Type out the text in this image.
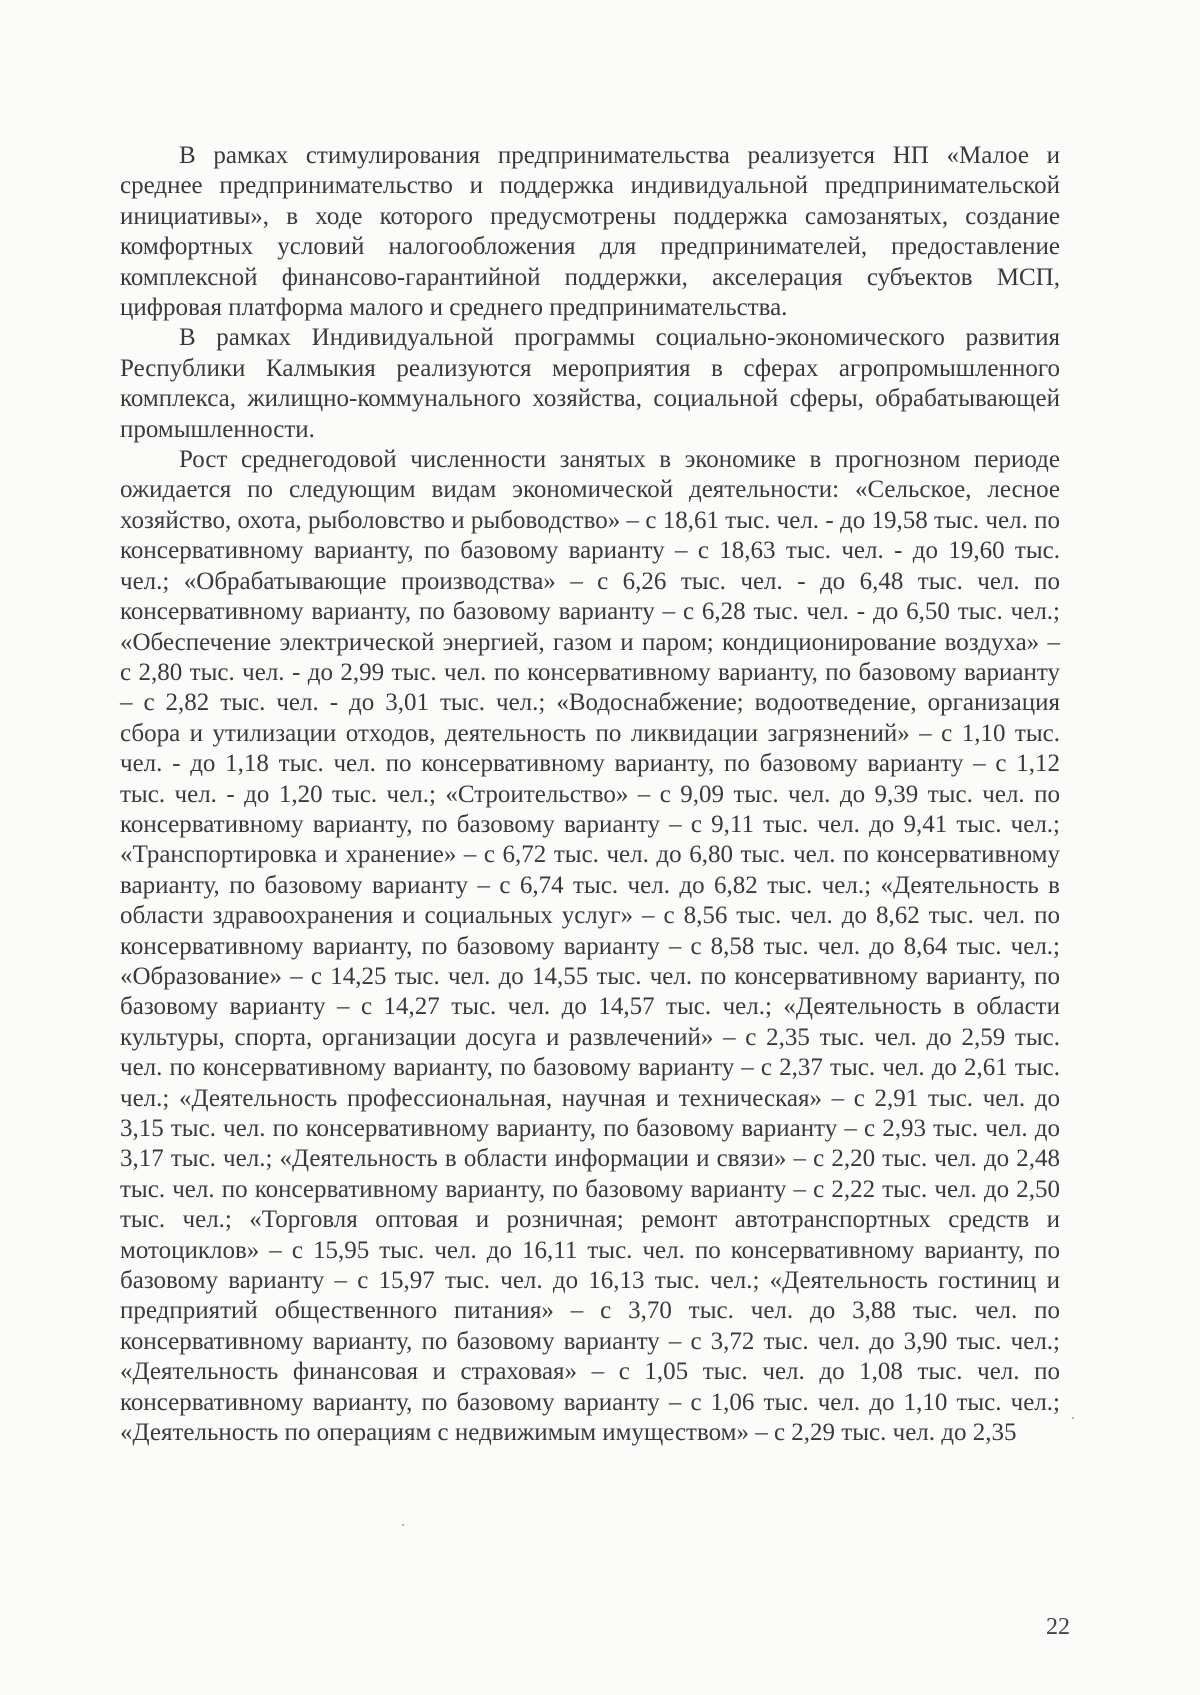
В рамках стимулирования предпринимательства реализуется НП «Малое и среднее предпринимательство и поддержка индивидуальной предпринимательской инициативы», в ходе которого предусмотрены поддержка самозанятых, создание комфортных условий налогообложения для предпринимателей, предоставление комплексной финансово-гарантийной поддержки, акселерация субъектов МСП, цифровая платформа малого и среднего предпринимательства.

В рамках Индивидуальной программы социально-экономического развития Республики Калмыкия реализуются мероприятия в сферах агропромышленного комплекса, жилищно-коммунального хозяйства, социальной сферы, обрабатывающей промышленности.

Рост среднегодовой численности занятых в экономике в прогнозном периоде ожидается по следующим видам экономической деятельности: «Сельское, лесное хозяйство, охота, рыболовство и рыбоводство» – с 18,61 тыс. чел. - до 19,58 тыс. чел. по консервативному варианту, по базовому варианту – с 18,63 тыс. чел. - до 19,60 тыс. чел.; «Обрабатывающие производства» – с 6,26 тыс. чел. - до 6,48 тыс. чел. по консервативному варианту, по базовому варианту – с 6,28 тыс. чел. - до 6,50 тыс. чел.; «Обеспечение электрической энергией, газом и паром; кондиционирование воздуха» – с 2,80 тыс. чел. - до 2,99 тыс. чел. по консервативному варианту, по базовому варианту – с 2,82 тыс. чел. - до 3,01 тыс. чел.; «Водоснабжение; водоотведение, организация сбора и утилизации отходов, деятельность по ликвидации загрязнений» – с 1,10 тыс. чел. - до 1,18 тыс. чел. по консервативному варианту, по базовому варианту – с 1,12 тыс. чел. - до 1,20 тыс. чел.; «Строительство» – с 9,09 тыс. чел. до 9,39 тыс. чел. по консервативному варианту, по базовому варианту – с 9,11 тыс. чел. до 9,41 тыс. чел.; «Транспортировка и хранение» – с 6,72 тыс. чел. до 6,80 тыс. чел. по консервативному варианту, по базовому варианту – с 6,74 тыс. чел. до 6,82 тыс. чел.; «Деятельность в области здравоохранения и социальных услуг» – с 8,56 тыс. чел. до 8,62 тыс. чел. по консервативному варианту, по базовому варианту – с 8,58 тыс. чел. до 8,64 тыс. чел.; «Образование» – с 14,25 тыс. чел. до 14,55 тыс. чел. по консервативному варианту, по базовому варианту – с 14,27 тыс. чел. до 14,57 тыс. чел.; «Деятельность в области культуры, спорта, организации досуга и развлечений» – с 2,35 тыс. чел. до 2,59 тыс. чел. по консервативному варианту, по базовому варианту – с 2,37 тыс. чел. до 2,61 тыс. чел.; «Деятельность профессиональная, научная и техническая» – с 2,91 тыс. чел. до 3,15 тыс. чел. по консервативному варианту, по базовому варианту – с 2,93 тыс. чел. до 3,17 тыс. чел.; «Деятельность в области информации и связи» – с 2,20 тыс. чел. до 2,48 тыс. чел. по консервативному варианту, по базовому варианту – с 2,22 тыс. чел. до 2,50 тыс. чел.; «Торговля оптовая и розничная; ремонт автотранспортных средств и мотоциклов» – с 15,95 тыс. чел. до 16,11 тыс. чел. по консервативному варианту, по базовому варианту – с 15,97 тыс. чел. до 16,13 тыс. чел.; «Деятельность гостиниц и предприятий общественного питания» – с 3,70 тыс. чел. до 3,88 тыс. чел. по консервативному варианту, по базовому варианту – с 3,72 тыс. чел. до 3,90 тыс. чел.; «Деятельность финансовая и страховая» – с 1,05 тыс. чел. до 1,08 тыс. чел. по консервативному варианту, по базовому варианту – с 1,06 тыс. чел. до 1,10 тыс. чел.; «Деятельность по операциям с недвижимым имуществом» – с 2,29 тыс. чел. до 2,35

22
